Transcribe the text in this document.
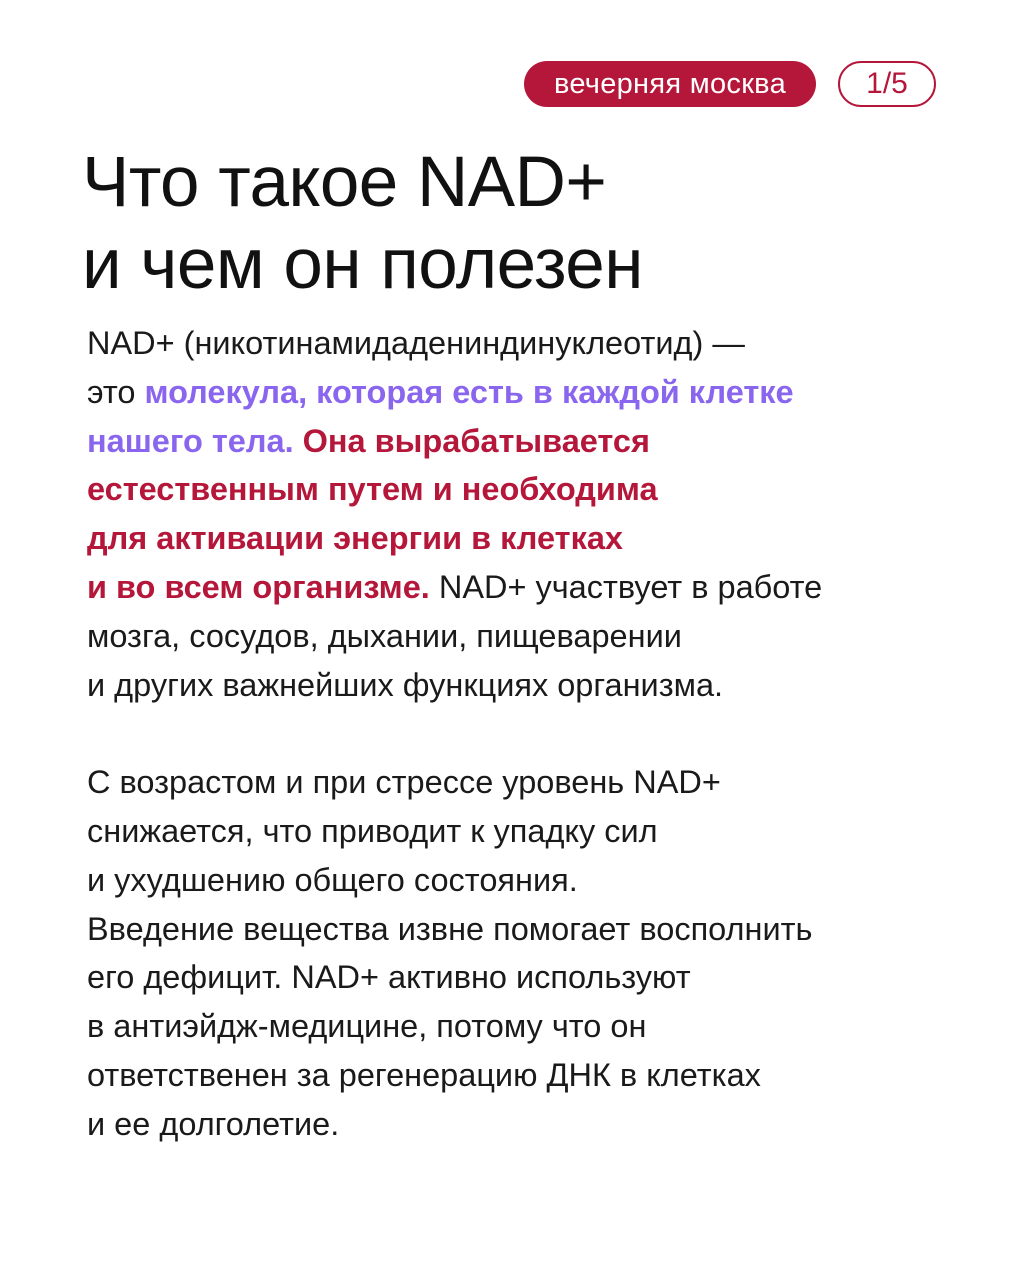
вечерняя москва	1/5
Что такое NAD+
и чем он полезен
NAD+ (никотинамидадениндинуклеотид) —
это молекула, которая есть в каждой клетке
нашего тела. Она вырабатывается
естественным путем и необходима
для активации энергии в клетках
и во всем организме. NAD+ участвует в работе
мозга, сосудов, дыхании, пищеварении
и других важнейших функциях организма.
С возрастом и при стрессе уровень NAD+
снижается, что приводит к упадку сил
и ухудшению общего состояния.
Введение вещества извне помогает восполнить
его дефицит. NAD+ активно используют
в антиэйдж-медицине, потому что он
ответственен за регенерацию ДНК в клетках
и ее долголетие.
